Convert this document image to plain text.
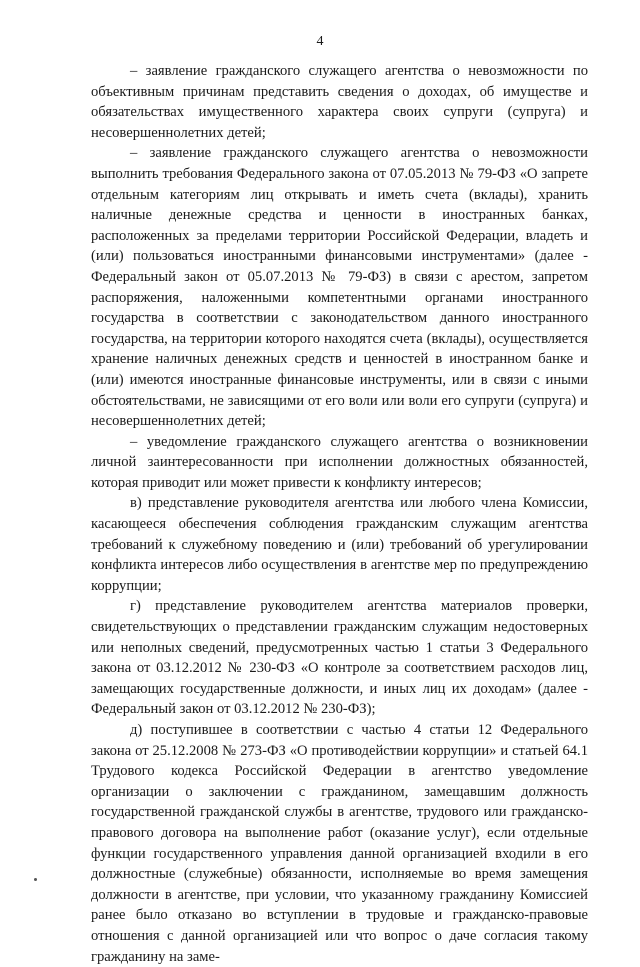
4

– заявление гражданского служащего агентства о невозможности по объективным причинам представить сведения о доходах, об имуществе и обязательствах имущественного характера своих супруги (супруга) и несовершеннолетних детей;

– заявление гражданского служащего агентства о невозможности выполнить требования Федерального закона от 07.05.2013 № 79-ФЗ «О запрете отдельным категориям лиц открывать и иметь счета (вклады), хранить наличные денежные средства и ценности в иностранных банках, расположенных за пределами территории Российской Федерации, владеть и (или) пользоваться иностранными финансовыми инструментами» (далее - Федеральный закон от 05.07.2013 № 79-ФЗ) в связи с арестом, запретом распоряжения, наложенными компетентными органами иностранного государства в соответствии с законодательством данного иностранного государства, на территории которого находятся счета (вклады), осуществляется хранение наличных денежных средств и ценностей в иностранном банке и (или) имеются иностранные финансовые инструменты, или в связи с иными обстоятельствами, не зависящими от его воли или воли его супруги (супруга) и несовершеннолетних детей;

– уведомление гражданского служащего агентства о возникновении личной заинтересованности при исполнении должностных обязанностей, которая приводит или может привести к конфликту интересов;

в) представление руководителя агентства или любого члена Комиссии, касающееся обеспечения соблюдения гражданским служащим агентства требований к служебному поведению и (или) требований об урегулировании конфликта интересов либо осуществления в агентстве мер по предупреждению коррупции;

г) представление руководителем агентства материалов проверки, свидетельствующих о представлении гражданским служащим недостоверных или неполных сведений, предусмотренных частью 1 статьи 3 Федерального закона от 03.12.2012 № 230-ФЗ «О контроле за соответствием расходов лиц, замещающих государственные должности, и иных лиц их доходам» (далее - Федеральный закон от 03.12.2012 № 230-ФЗ);

д) поступившее в соответствии с частью 4 статьи 12 Федерального закона от 25.12.2008 № 273-ФЗ «О противодействии коррупции» и статьей 64.1 Трудового кодекса Российской Федерации в агентство уведомление организации о заключении с гражданином, замещавшим должность государственной гражданской службы в агентстве, трудового или гражданско-правового договора на выполнение работ (оказание услуг), если отдельные функции государственного управления данной организацией входили в его должностные (служебные) обязанности, исполняемые во время замещения должности в агентстве, при условии, что указанному гражданину Комиссией ранее было отказано во вступлении в трудовые и гражданско-правовые отношения с данной организацией или что вопрос о даче согласия такому гражданину на заме-
